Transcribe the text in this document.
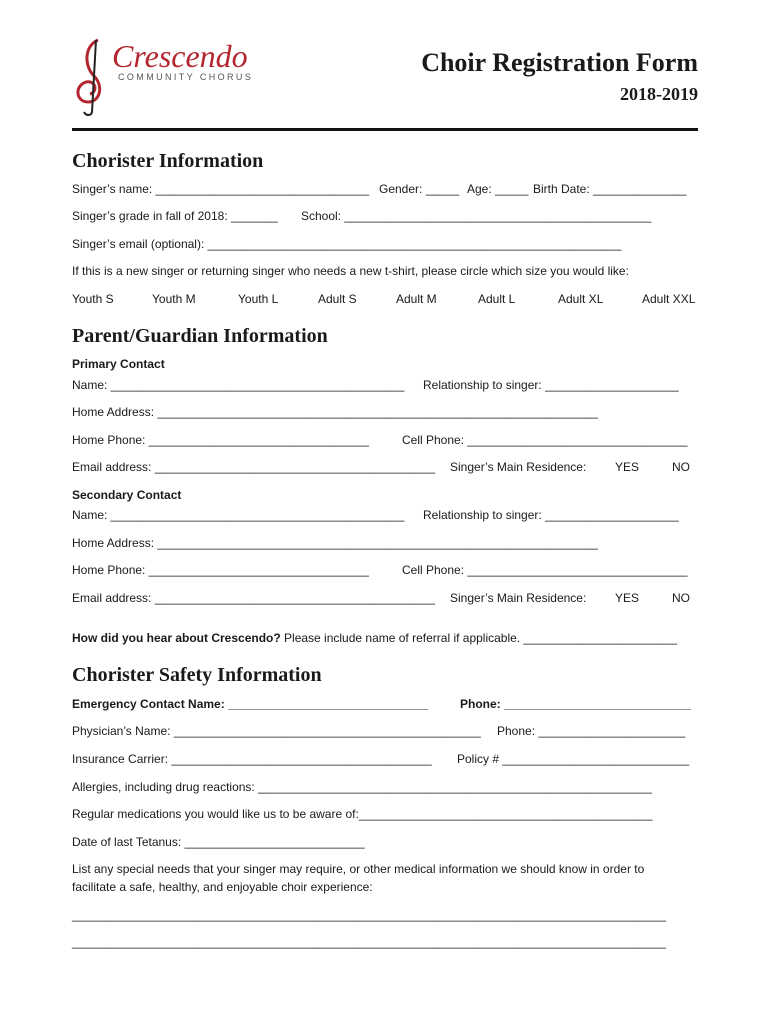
Crescendo
COMMUNITY CHORUS	Choir Registration Form
2018-2019
Chorister Information
Singer’s name: ________________________________ Gender: _____ Age: _____ Birth Date: ______________
Singer’s grade in fall of 2018: _______ School: ______________________________________________
Singer’s email (optional): ______________________________________________________________
If this is a new singer or returning singer who needs a new t-shirt, please circle which size you would like:
Youth S	Youth M	Youth L	Adult S	Adult M	Adult L	Adult XL	Adult XXL
Parent/Guardian Information
Primary Contact
Name: ____________________________________________ Relationship to singer: ____________________
Home Address: __________________________________________________________________
Home Phone: _________________________________	Cell Phone: _________________________________
Email address: __________________________________________ Singer’s Main Residence: YES	NO
Secondary Contact
Name: ____________________________________________ Relationship to singer: ____________________
Home Address: __________________________________________________________________
Home Phone: _________________________________	Cell Phone: _________________________________
Email address: __________________________________________ Singer’s Main Residence: YES	NO
How did you hear about Crescendo? Please include name of referral if applicable. _______________________
Chorister Safety Information
Emergency Contact Name: ______________________________	Phone: ____________________________
Physician’s Name: ______________________________________________ Phone: ______________________
Insurance Carrier: _______________________________________ Policy # ____________________________
Allergies, including drug reactions: ___________________________________________________________
Regular medications you would like us to be aware of:____________________________________________
Date of last Tetanus: ___________________________
List any special needs that your singer may require, or other medical information we should know in order to
facilitate a safe, healthy, and enjoyable choir experience:
_________________________________________________________________________________________
_________________________________________________________________________________________
